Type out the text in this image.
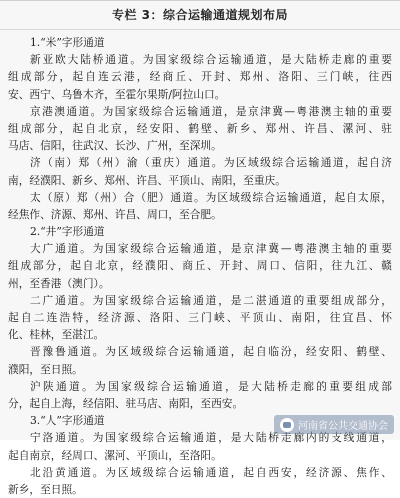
专栏 3：综合运输通道规划布局
1.“米”字形通道
新亚欧大陆桥通道。为国家级综合运输通道，是大陆桥走廊的重要
组成部分，起自连云港，经商丘、开封、郑州、洛阳、三门峡，往西
安、西宁、乌鲁木齐，至霍尔果斯/阿拉山口。
京港澳通道。为国家级综合运输通道，是京津冀—粤港澳主轴的重要
组成部分，起自北京，经安阳、鹤壁、新乡、郑州、许昌、漯河、驻
马店、信阳，往武汉、长沙、广州，至深圳。
济（南）郑（州）渝（重庆）通道。为区域级综合运输通道，起自济
南，经濮阳、新乡、郑州、许昌、平顶山、南阳，至重庆。
太（原）郑（州）合（肥）通道。为区域级综合运输通道，起自太原，
经焦作、济源、郑州、许昌、周口，至合肥。
2.“井”字形通道
大广通道。为国家级综合运输通道，是京津冀—粤港澳主轴的重要
组成部分，起自北京，经濮阳、商丘、开封、周口、信阳，往九江、赣
州，至香港（澳门）。
二广通道。为国家级综合运输通道，是二湛通道的重要组成部分，
起自二连浩特，经济源、洛阳、三门峡、平顶山、南阳，往宜昌、怀
化、桂林，至湛江。
晋豫鲁通道。为区域级综合运输通道，起自临汾，经安阳、鹤壁、
濮阳，至日照。
沪陕通道。为国家级综合运输通道，是大陆桥走廊的重要组成部
分，起自上海，经信阳、驻马店、南阳，至西安。
3.“人”字形通道
宁洛通道。为国家级综合运输通道，是大陆桥走廊内的支线通道，
起自南京，经周口、漯河、平顶山，至洛阳。
北沿黄通道。为区域级综合运输通道，起自西安，经济源、焦作、
新乡，至日照。	河南省公共交通协会
